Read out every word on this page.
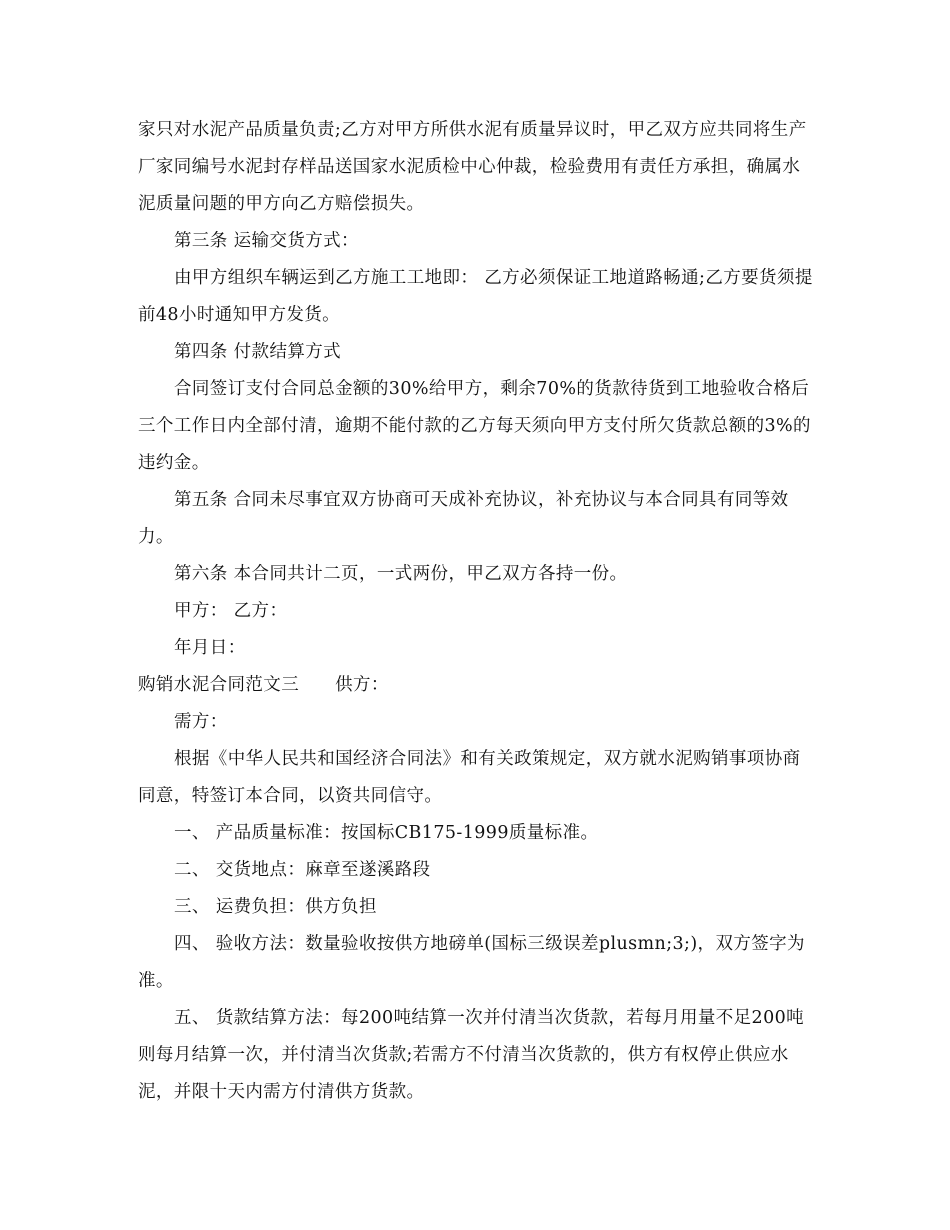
家只对水泥产品质量负责;乙方对甲方所供水泥有质量异议时，甲乙双方应共同将生产厂家同编号水泥封存样品送国家水泥质检中心仲裁，检验费用有责任方承担，确属水泥质量问题的甲方向乙方赔偿损失。

第三条 运输交货方式：

由甲方组织车辆运到乙方施工工地即： 乙方必须保证工地道路畅通;乙方要货须提前48小时通知甲方发货。

第四条 付款结算方式

合同签订支付合同总金额的30%给甲方，剩余70%的货款待货到工地验收合格后三个工作日内全部付清，逾期不能付款的乙方每天须向甲方支付所欠货款总额的3%的违约金。

第五条 合同未尽事宜双方协商可天成补充协议，补充协议与本合同具有同等效力。

第六条 本合同共计二页，一式两份，甲乙双方各持一份。

甲方： 乙方：

年月日：

购销水泥合同范文三 供方：

需方：

根据《中华人民共和国经济合同法》和有关政策规定，双方就水泥购销事项协商同意，特签订本合同，以资共同信守。

一、 产品质量标准：按国标CB175-1999质量标准。

二、 交货地点：麻章至遂溪路段

三、 运费负担：供方负担

四、 验收方法：数量验收按供方地磅单(国标三级误差plusmn;3;)，双方签字为准。

五、 货款结算方法：每200吨结算一次并付清当次货款，若每月用量不足200吨则每月结算一次，并付清当次货款;若需方不付清当次货款的，供方有权停止供应水泥，并限十天内需方付清供方货款。
